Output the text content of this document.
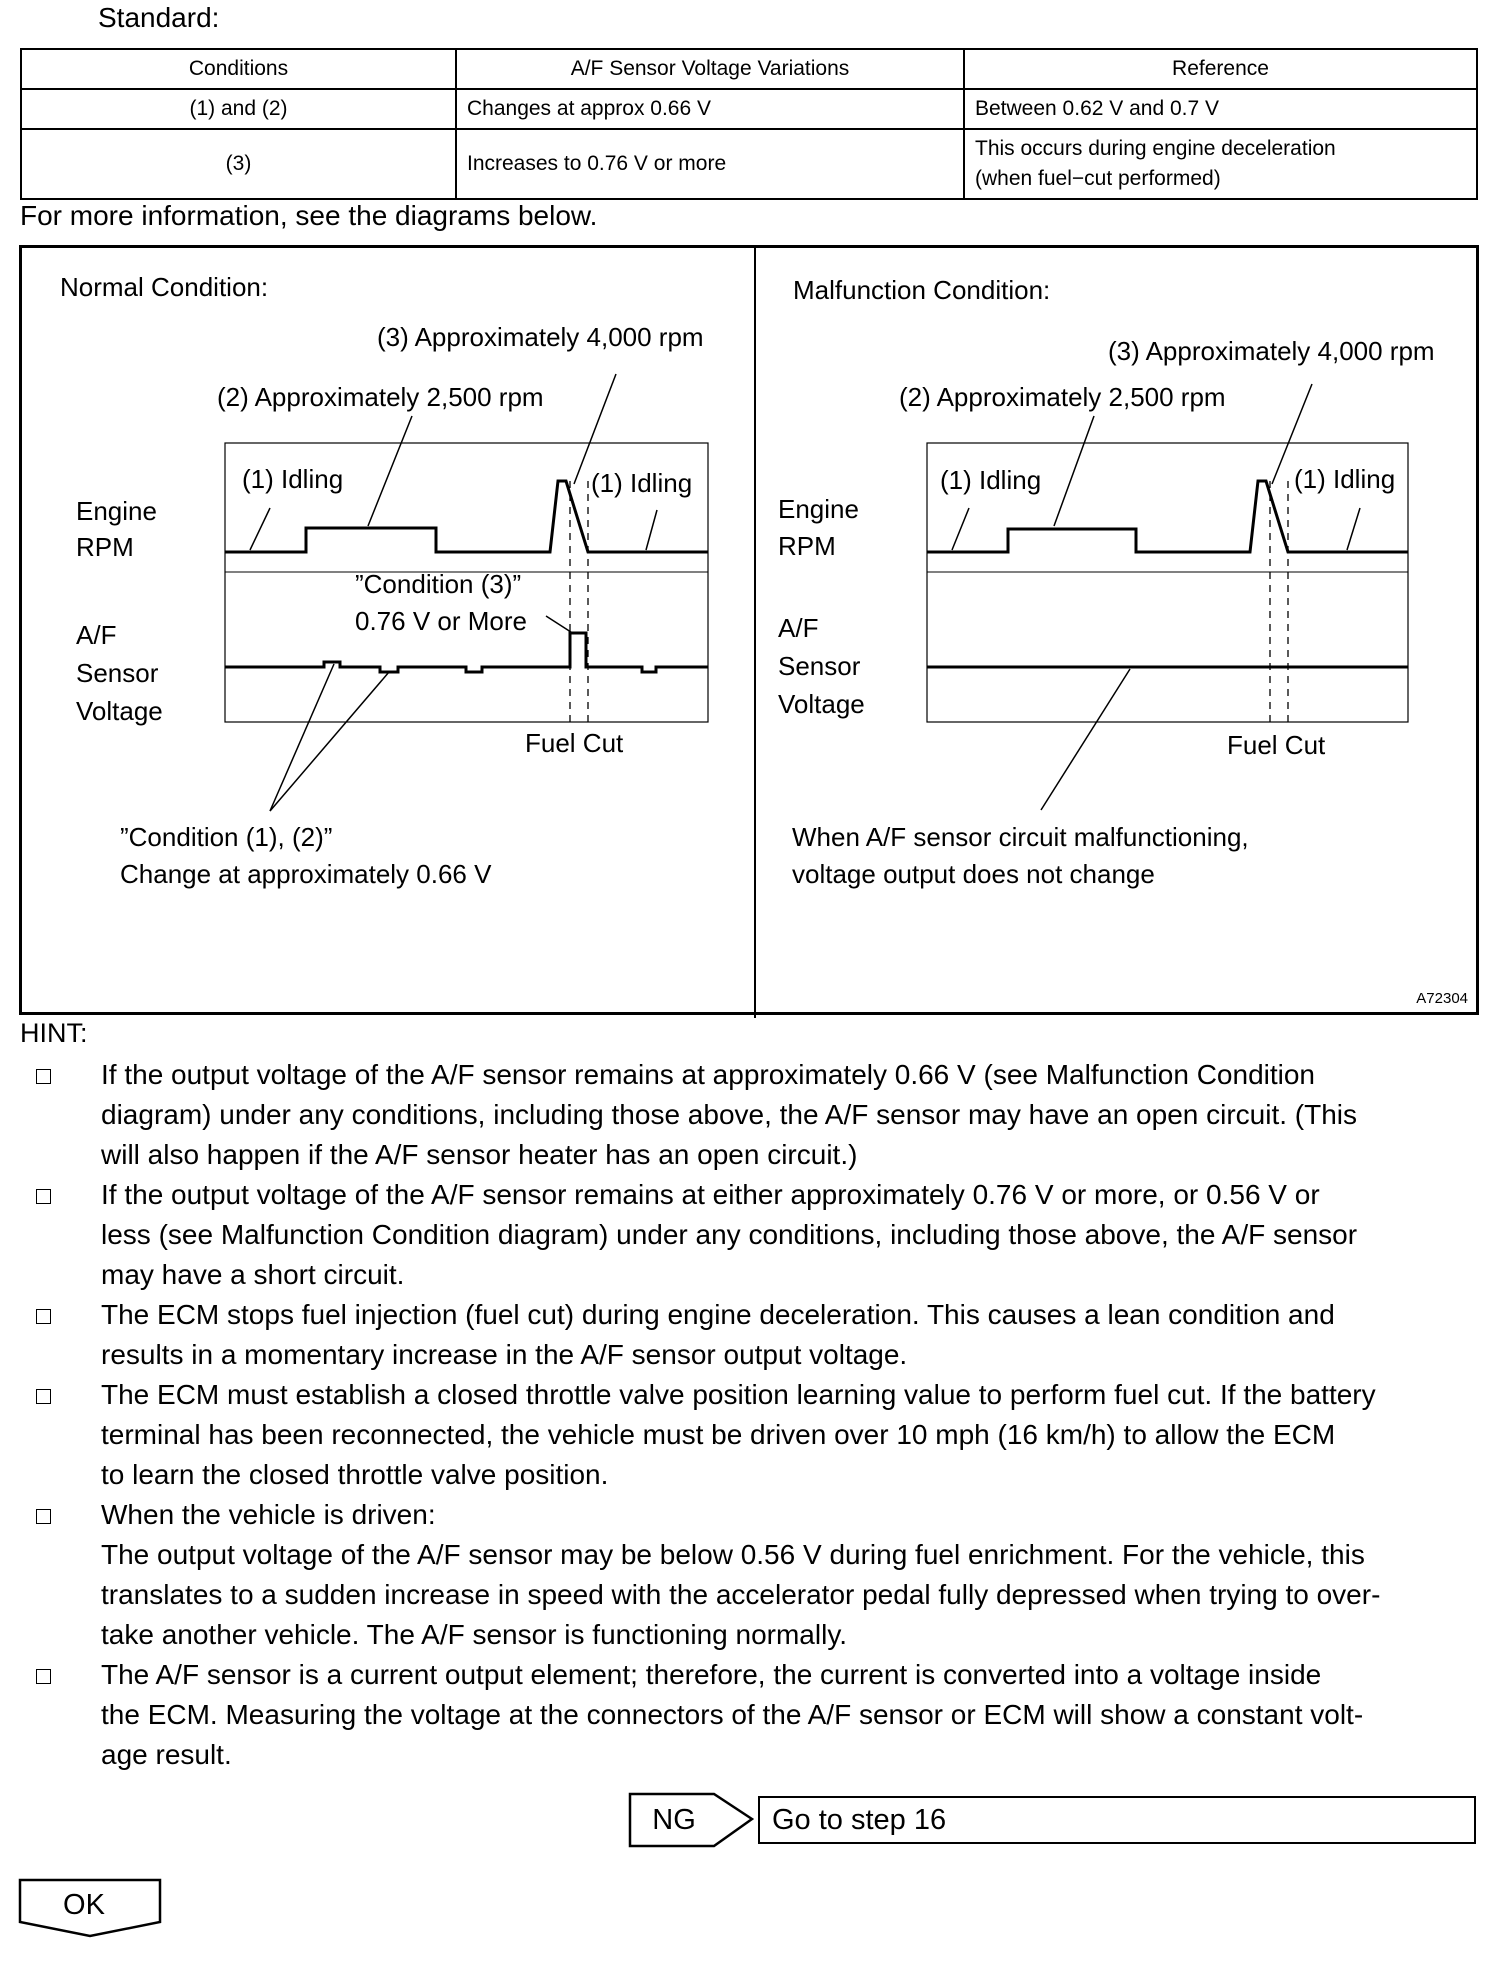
Standard:
Conditions	A/F Sensor Voltage Variations	Reference
(1) and (2)	Changes at approx 0.66 V	Between 0.62 V and 0.7 V
(3)	Increases to 0.76 V or more	This occurs during engine deceleration
(when fuel−cut performed)
For more information, see the diagrams below.
Normal Condition:
(3) Approximately 4,000 rpm
(2) Approximately 2,500 rpm
(1) Idling	(1) Idling
Engine
RPM
A/F
Sensor
Voltage
”Condition (3)”
0.76 V or More
Fuel Cut
”Condition (1), (2)”
Change at approximately 0.66 V
Malfunction Condition:
(3) Approximately 4,000 rpm
(2) Approximately 2,500 rpm
(1) Idling	(1) Idling
Engine
RPM
A/F
Sensor
Voltage
Fuel Cut
When A/F sensor circuit malfunctioning,
voltage output does not change
A72304
HINT:
If the output voltage of the A/F sensor remains at approximately 0.66 V (see Malfunction Condition
diagram) under any conditions, including those above, the A/F sensor may have an open circuit. (This
will also happen if the A/F sensor heater has an open circuit.)
If the output voltage of the A/F sensor remains at either approximately 0.76 V or more, or 0.56 V or
less (see Malfunction Condition diagram) under any conditions, including those above, the A/F sensor
may have a short circuit.
The ECM stops fuel injection (fuel cut) during engine deceleration. This causes a lean condition and
results in a momentary increase in the A/F sensor output voltage.
The ECM must establish a closed throttle valve position learning value to perform fuel cut. If the battery
terminal has been reconnected, the vehicle must be driven over 10 mph (16 km/h) to allow the ECM
to learn the closed throttle valve position.
When the vehicle is driven:
The output voltage of the A/F sensor may be below 0.56 V during fuel enrichment. For the vehicle, this
translates to a sudden increase in speed with the accelerator pedal fully depressed when trying to over-
take another vehicle. The A/F sensor is functioning normally.
The A/F sensor is a current output element; therefore, the current is converted into a voltage inside
the ECM. Measuring the voltage at the connectors of the A/F sensor or ECM will show a constant volt-
age result.
NG	Go to step 16
OK
